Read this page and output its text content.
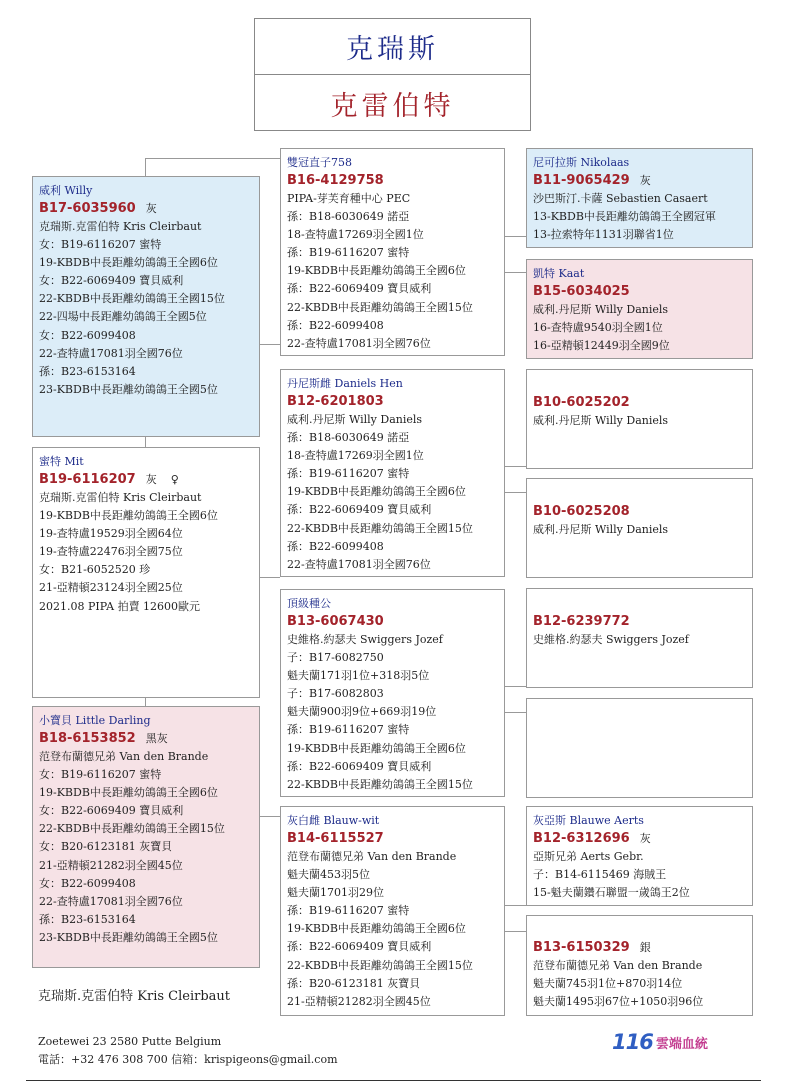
克瑞斯
克雷伯特
威利 Willy
B17-6035960 灰
克瑞斯.克雷伯特 Kris Cleirbaut
女：B19-6116207 蜜特
19-KBDB中長距離幼鴿鴿王全國6位
女：B22-6069409 寶貝威利
22-KBDB中長距離幼鴿鴿王全國15位
22-四場中長距離幼鴿鴿王全國5位
女：B22-6099408
22-查特盧17081羽全國76位
孫：B23-6153164
23-KBDB中長距離幼鴿鴿王全國5位
蜜特 Mit
B19-6116207 灰 ♀
克瑞斯.克雷伯特 Kris Cleirbaut
19-KBDB中長距離幼鴿鴿王全國6位
19-查特盧19529羽全國64位
19-查特盧22476羽全國75位
女：B21-6052520 珍
21-亞精頓23124羽全國25位
2021.08 PIPA 拍賣 12600歐元
小寶貝 Little Darling
B18-6153852 黑灰
范登布蘭德兄弟 Van den Brande
女：B19-6116207 蜜特
19-KBDB中長距離幼鴿鴿王全國6位
女：B22-6069409 寶貝威利
22-KBDB中長距離幼鴿鴿王全國15位
女：B20-6123181 灰寶貝
21-亞精頓21282羽全國45位
女：B22-6099408
22-查特盧17081羽全國76位
孫：B23-6153164
23-KBDB中長距離幼鴿鴿王全國5位
雙冠直子758
B16-4129758
PIPA-芽芙育種中心 PEC
孫：B18-6030649 諾亞
18-查特盧17269羽全國1位
孫：B19-6116207 蜜特
19-KBDB中長距離幼鴿鴿王全國6位
孫：B22-6069409 寶貝威利
22-KBDB中長距離幼鴿鴿王全國15位
孫：B22-6099408
22-查特盧17081羽全國76位
丹尼斯雌 Daniels Hen
B12-6201803
威利.丹尼斯 Willy Daniels
孫：B18-6030649 諾亞
18-查特盧17269羽全國1位
孫：B19-6116207 蜜特
19-KBDB中長距離幼鴿鴿王全國6位
孫：B22-6069409 寶貝威利
22-KBDB中長距離幼鴿鴿王全國15位
孫：B22-6099408
22-查特盧17081羽全國76位
頂級種公
B13-6067430
史維格.約瑟夫 Swiggers Jozef
子：B17-6082750
魁夫蘭171羽1位+318羽5位
子：B17-6082803
魁夫蘭900羽9位+669羽19位
孫：B19-6116207 蜜特
19-KBDB中長距離幼鴿鴿王全國6位
孫：B22-6069409 寶貝威利
22-KBDB中長距離幼鴿鴿王全國15位
灰白雌 Blauw-wit
B14-6115527
范登布蘭德兄弟 Van den Brande
魁夫蘭453羽5位
魁夫蘭1701羽29位
孫：B19-6116207 蜜特
19-KBDB中長距離幼鴿鴿王全國6位
孫：B22-6069409 寶貝威利
22-KBDB中長距離幼鴿鴿王全國15位
孫：B20-6123181 灰寶貝
21-亞精頓21282羽全國45位
尼可拉斯 Nikolaas
B11-9065429 灰
沙巴斯汀.卡薩 Sebastien Casaert
13-KBDB中長距離幼鴿鴿王全國冠軍
13-拉索特年1131羽聯省1位
凱特 Kaat
B15-6034025
威利.丹尼斯 Willy Daniels
16-查特盧9540羽全國1位
16-亞精頓12449羽全國9位
B10-6025202
威利.丹尼斯 Willy Daniels
B10-6025208
威利.丹尼斯 Willy Daniels
B12-6239772
史維格.約瑟夫 Swiggers Jozef
灰亞斯 Blauwe Aerts
B12-6312696 灰
亞斯兄弟 Aerts Gebr.
子：B14-6115469 海賊王
15-魁夫蘭鑽石聯盟一歲鴿王2位
B13-6150329 銀
范登布蘭德兄弟 Van den Brande
魁夫蘭745羽1位+870羽14位
魁夫蘭1495羽67位+1050羽96位
克瑞斯.克雷伯特 Kris Cleirbaut
Zoetewei 23 2580 Putte Belgium
電話：+32 476 308 700 信箱：krispigeons@gmail.com
116 雲端血統
